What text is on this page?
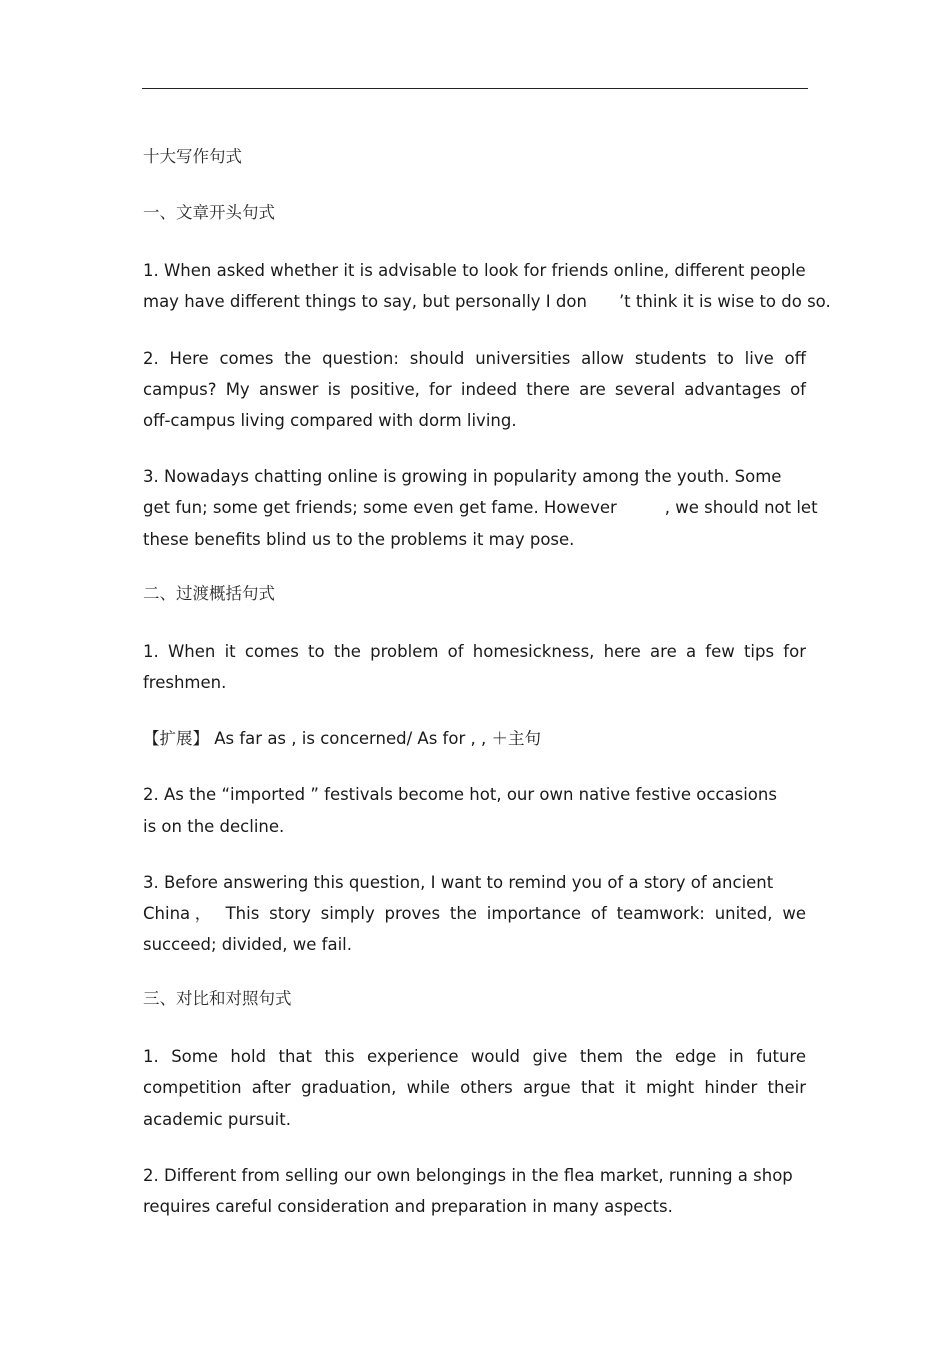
十大写作句式

一、文章开头句式

1. When asked whether it is advisable to look for friends online, different people

may have different things to say, but personally I don ’t think it is wise to do so.

2. Here comes the question: should universities allow students to live off

campus? My answer is positive, for indeed there are several advantages of

off-campus living compared with dorm living.

3. Nowadays chatting online is growing in popularity among the youth. Some

get fun; some get friends; some even get fame. However	, we should not let

these benefits blind us to the problems it may pose.

二、过渡概括句式

1. When it comes to the problem of homesickness, here are a few tips for

freshmen.

【扩展】 As far as , is concerned/ As for , , ＋主句

2. As the “imported ” festivals become hot, our own native festive occasions

is on the decline.

3. Before answering this question, I want to remind you of a story of ancient

China， This story simply proves the importance of teamwork: united, we

succeed; divided, we fail.

三、对比和对照句式

1. Some hold that this experience would give them the edge in future

competition after graduation, while others argue that it might hinder their

academic pursuit.

2. Different from selling our own belongings in the flea market, running a shop

requires careful consideration and preparation in many aspects.
